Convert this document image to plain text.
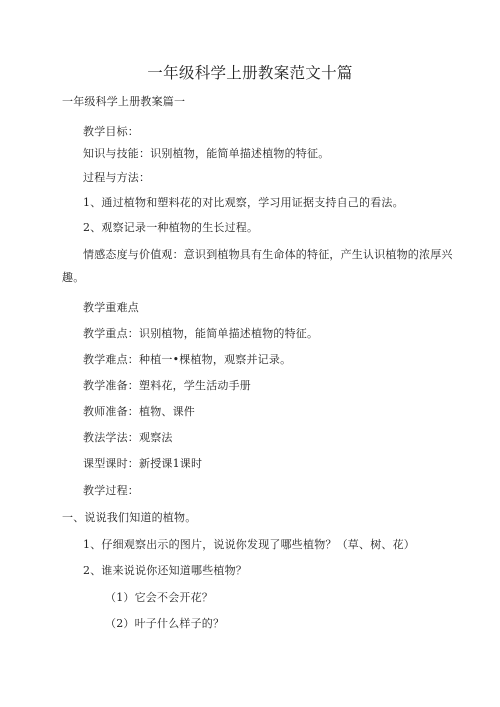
一年级科学上册教案范文十篇
一年级科学上册教案篇一
教学目标：
知识与技能：识别植物，能简单描述植物的特征。
过程与方法：
1、通过植物和塑料花的对比观察，学习用证据支持自己的看法。
2、观察记录一种植物的生长过程。
情感态度与价值观：意识到植物具有生命体的特征，产生认识植物的浓厚兴
趣。
教学重难点
教学重点：识别植物，能简单描述植物的特征。
教学难点：种植一•棵植物，观察并记录。
教学准备：塑料花，学生活动手册
教师准备：植物、课件
教法学法：观察法
课型课时：新授课1课时
教学过程：
一、说说我们知道的植物。
1、仔细观察出示的图片，说说你发现了哪些植物？（草、树、花）
2、谁来说说你还知道哪些植物？
（1）它会不会开花？
（2）叶子什么样子的？
